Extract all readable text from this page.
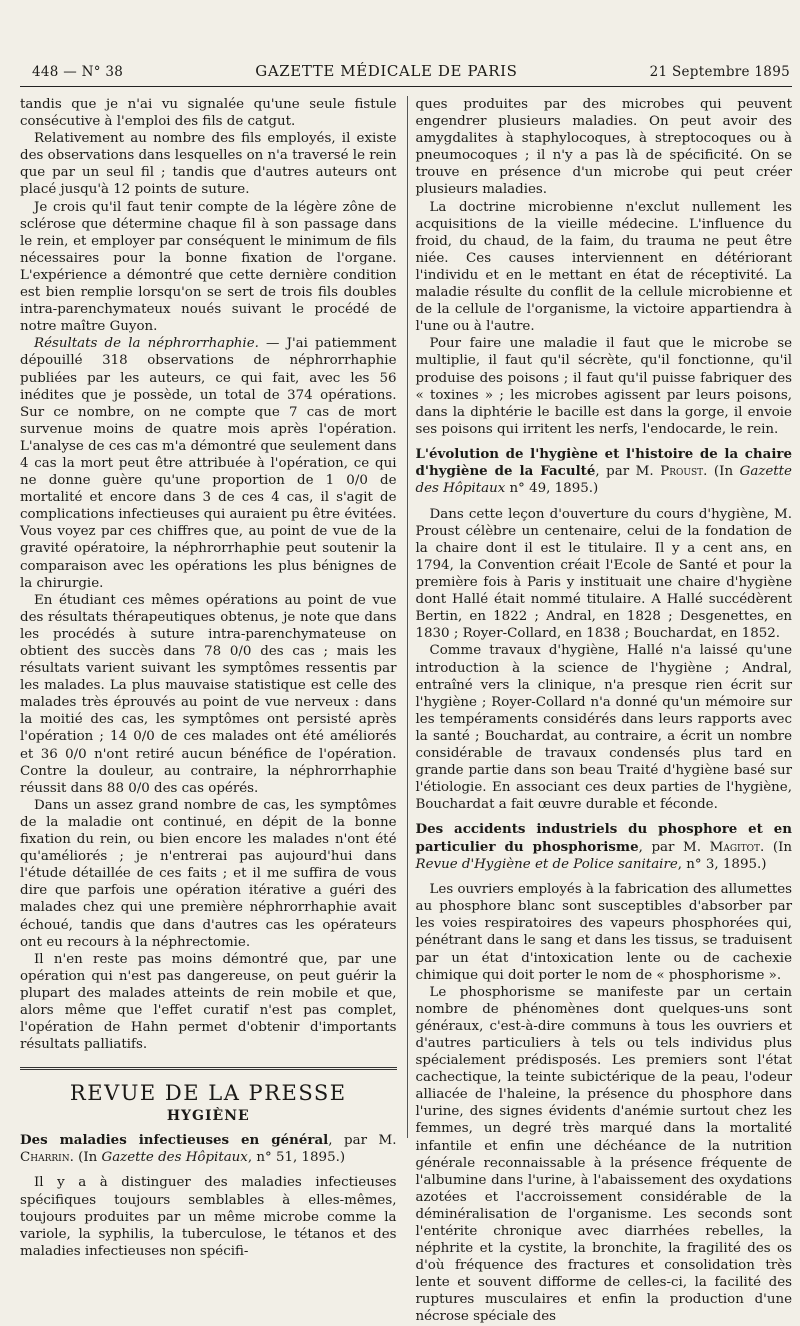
448 — N° 38	GAZETTE MÉDICALE DE PARIS	21 Septembre 1895

tandis que je n'ai vu signalée qu'une seule fistule consécutive à l'emploi des fils de catgut.

Relativement au nombre des fils employés, il existe des observations dans lesquelles on n'a traversé le rein que par un seul fil ; tandis que d'autres auteurs ont placé jusqu'à 12 points de suture.

Je crois qu'il faut tenir compte de la légère zône de sclérose que détermine chaque fil à son passage dans le rein, et employer par conséquent le minimum de fils nécessaires pour la bonne fixation de l'organe. L'expérience a démontré que cette dernière condition est bien remplie lorsqu'on se sert de trois fils doubles intra-parenchymateux noués suivant le procédé de notre maître Guyon.

Résultats de la néphrorrhaphie. — J'ai patiemment dépouillé 318 observations de néphrorrhaphie publiées par les auteurs, ce qui fait, avec les 56 inédites que je possède, un total de 374 opérations. Sur ce nombre, on ne compte que 7 cas de mort survenue moins de quatre mois après l'opération. L'analyse de ces cas m'a démontré que seulement dans 4 cas la mort peut être attribuée à l'opération, ce qui ne donne guère qu'une proportion de 1 0/0 de mortalité et encore dans 3 de ces 4 cas, il s'agit de complications infectieuses qui auraient pu être évitées. Vous voyez par ces chiffres que, au point de vue de la gravité opératoire, la néphrorrhaphie peut soutenir la comparaison avec les opérations les plus bénignes de la chirurgie.

En étudiant ces mêmes opérations au point de vue des résultats thérapeutiques obtenus, je note que dans les procédés à suture intra-parenchymateuse on obtient des succès dans 78 0/0 des cas ; mais les résultats varient suivant les symptômes ressentis par les malades. La plus mauvaise statistique est celle des malades très éprouvés au point de vue nerveux : dans la moitié des cas, les symptômes ont persisté après l'opération ; 14 0/0 de ces malades ont été améliorés et 36 0/0 n'ont retiré aucun bénéfice de l'opération. Contre la douleur, au contraire, la néphrorrhaphie réussit dans 88 0/0 des cas opérés.

Dans un assez grand nombre de cas, les symptômes de la maladie ont continué, en dépit de la bonne fixation du rein, ou bien encore les malades n'ont été qu'améliorés ; je n'entrerai pas aujourd'hui dans l'étude détaillée de ces faits ; et il me suffira de vous dire que parfois une opération itérative a guéri des malades chez qui une première néphrorrhaphie avait échoué, tandis que dans d'autres cas les opérateurs ont eu recours à la néphrectomie.

Il n'en reste pas moins démontré que, par une opération qui n'est pas dangereuse, on peut guérir la plupart des malades atteints de rein mobile et que, alors même que l'effet curatif n'est pas complet, l'opération de Hahn permet d'obtenir d'importants résultats palliatifs.

REVUE DE LA PRESSE
HYGIÈNE

Des maladies infectieuses en général, par M. Charrin. (In Gazette des Hôpitaux, n° 51, 1895.)

Il y a à distinguer des maladies infectieuses spécifiques toujours semblables à elles-mêmes, toujours produites par un même microbe comme la variole, la syphilis, la tuberculose, le tétanos et des maladies infectieuses non spécifi-

ques produites par des microbes qui peuvent engendrer plusieurs maladies. On peut avoir des amygdalites à staphylocoques, à streptocoques ou à pneumocoques ; il n'y a pas là de spécificité. On se trouve en présence d'un microbe qui peut créer plusieurs maladies.

La doctrine microbienne n'exclut nullement les acquisitions de la vieille médecine. L'influence du froid, du chaud, de la faim, du trauma ne peut être niée. Ces causes interviennent en détériorant l'individu et en le mettant en état de réceptivité. La maladie résulte du conflit de la cellule microbienne et de la cellule de l'organisme, la victoire appartiendra à l'une ou à l'autre.

Pour faire une maladie il faut que le microbe se multiplie, il faut qu'il sécrète, qu'il fonctionne, qu'il produise des poisons ; il faut qu'il puisse fabriquer des « toxines » ; les microbes agissent par leurs poisons, dans la diphtérie le bacille est dans la gorge, il envoie ses poisons qui irritent les nerfs, l'endocarde, le rein.

L'évolution de l'hygiène et l'histoire de la chaire d'hygiène de la Faculté, par M. Proust. (In Gazette des Hôpitaux n° 49, 1895.)

Dans cette leçon d'ouverture du cours d'hygiène, M. Proust célèbre un centenaire, celui de la fondation de la chaire dont il est le titulaire. Il y a cent ans, en 1794, la Convention créait l'Ecole de Santé et pour la première fois à Paris y instituait une chaire d'hygiène dont Hallé était nommé titulaire. A Hallé succédèrent Bertin, en 1822 ; Andral, en 1828 ; Desgenettes, en 1830 ; Royer-Collard, en 1838 ; Bouchardat, en 1852.

Comme travaux d'hygiène, Hallé n'a laissé qu'une introduction à la science de l'hygiène ; Andral, entraîné vers la clinique, n'a presque rien écrit sur l'hygiène ; Royer-Collard n'a donné qu'un mémoire sur les tempéraments considérés dans leurs rapports avec la santé ; Bouchardat, au contraire, a écrit un nombre considérable de travaux condensés plus tard en grande partie dans son beau Traité d'hygiène basé sur l'étiologie. En associant ces deux parties de l'hygiène, Bouchardat a fait œuvre durable et féconde.

Des accidents industriels du phosphore et en particulier du phosphorisme, par M. Magitot. (In Revue d'Hygiène et de Police sanitaire, n° 3, 1895.)

Les ouvriers employés à la fabrication des allumettes au phosphore blanc sont susceptibles d'absorber par les voies respiratoires des vapeurs phosphorées qui, pénétrant dans le sang et dans les tissus, se traduisent par un état d'intoxication lente ou de cachexie chimique qui doit porter le nom de « phosphorisme ».

Le phosphorisme se manifeste par un certain nombre de phénomènes dont quelques-uns sont généraux, c'est-à-dire communs à tous les ouvriers et d'autres particuliers à tels ou tels individus plus spécialement prédisposés. Les premiers sont l'état cachectique, la teinte subictérique de la peau, l'odeur alliacée de l'haleine, la présence du phosphore dans l'urine, des signes évidents d'anémie surtout chez les femmes, un degré très marqué dans la mortalité infantile et enfin une déchéance de la nutrition générale reconnaissable à la présence fréquente de l'albumine dans l'urine, à l'abaissement des oxydations azotées et l'accroissement considérable de la déminéralisation de l'organisme. Les seconds sont l'entérite chronique avec diarrhées rebelles, la néphrite et la cystite, la bronchite, la fragilité des os d'où fréquence des fractures et consolidation très lente et souvent difforme de celles-ci, la facilité des ruptures musculaires et enfin la production d'une nécrose spéciale des
